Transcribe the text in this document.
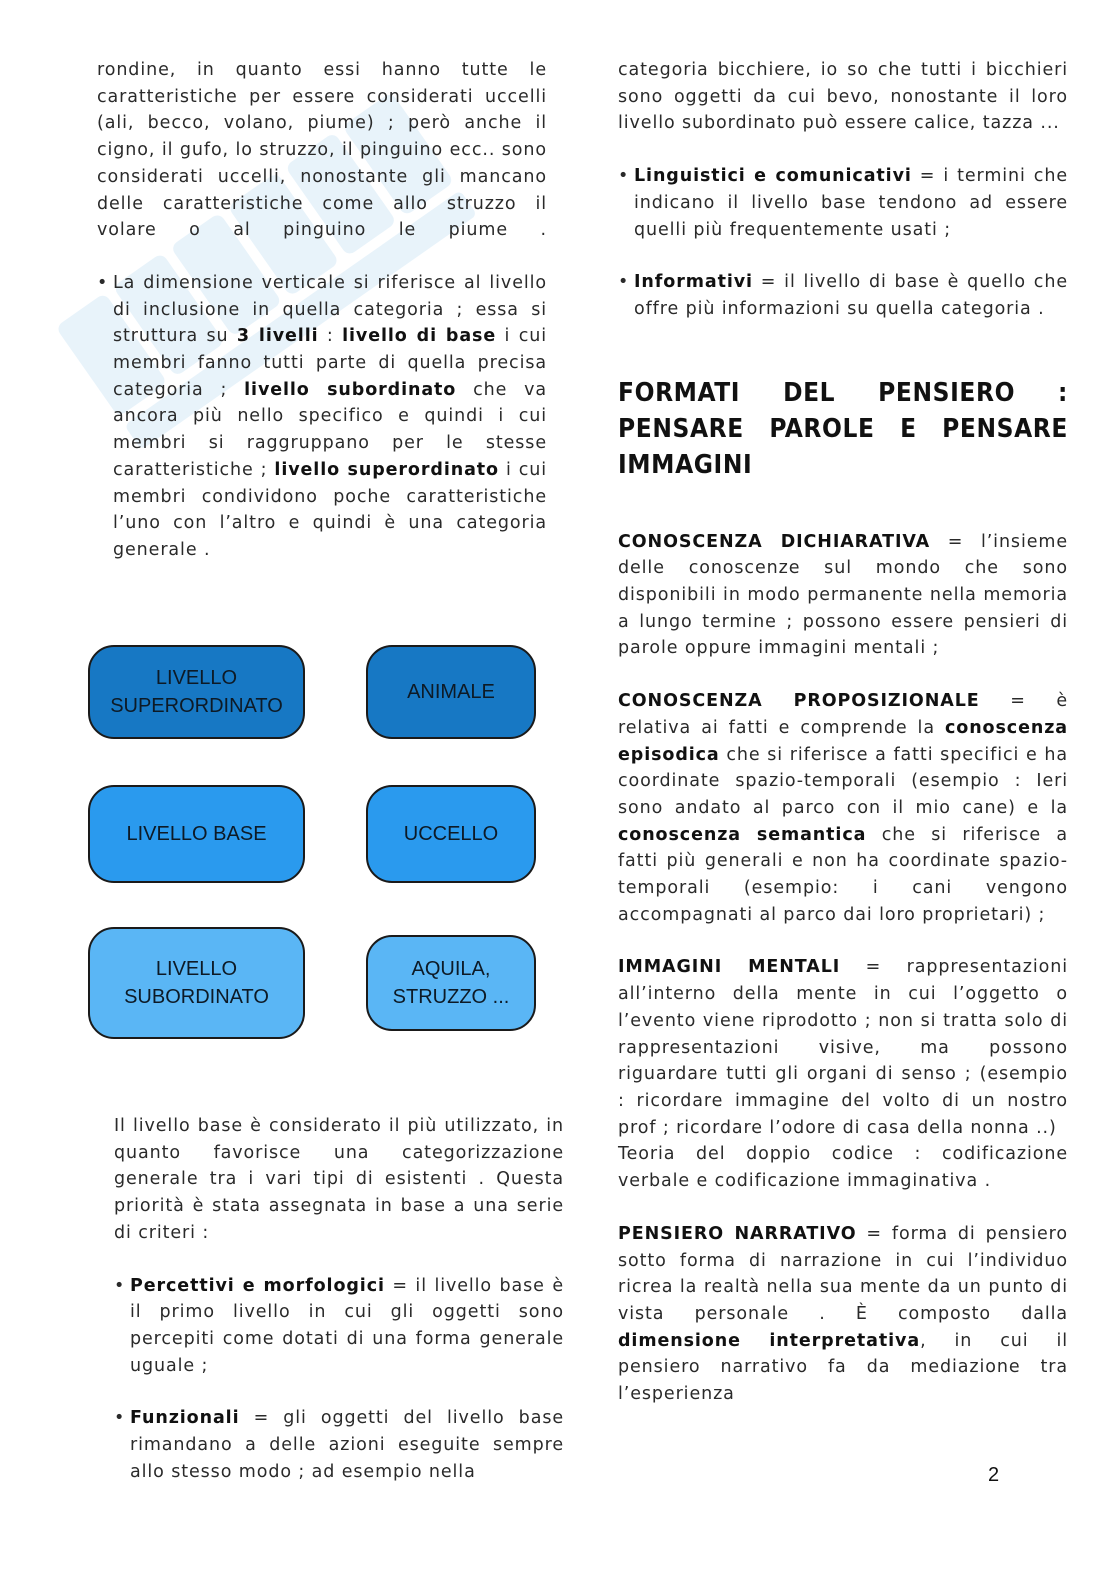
rondine, in quanto essi hanno tutte le caratteristiche per essere considerati uccelli (ali, becco, volano, piume) ; però anche il cigno, il gufo, lo struzzo, il pinguino ecc.. sono considerati uccelli, nonostante gli mancano delle caratteristiche come allo struzzo il volare o al pinguino le piume .

• La dimensione verticale si riferisce al livello di inclusione in quella categoria ; essa si struttura su 3 livelli : livello di base i cui membri fanno tutti parte di quella precisa categoria ; livello subordinato che va ancora più nello specifico e quindi i cui membri si raggruppano per le stesse caratteristiche ; livello superordinato i cui membri condividono poche caratteristiche l’uno con l’altro e quindi è una categoria generale .

LIVELLO
SUPERORDINATO
ANIMALE
LIVELLO BASE	UCCELLO
LIVELLO
SUBORDINATO
AQUILA,
STRUZZO ...

Il livello base è considerato il più utilizzato, in quanto favorisce una categorizzazione generale tra i vari tipi di esistenti . Questa priorità è stata assegnata in base a una serie di criteri :

• Percettivi e morfologici = il livello base è il primo livello in cui gli oggetti sono percepiti come dotati di una forma generale uguale ;

• Funzionali = gli oggetti del livello base rimandano a delle azioni eseguite sempre allo stesso modo ; ad esempio nella

categoria bicchiere, io so che tutti i bicchieri sono oggetti da cui bevo, nonostante il loro livello subordinato può essere calice, tazza ...

• Linguistici e comunicativi = i termini che indicano il livello base tendono ad essere quelli più frequentemente usati ;

• Informativi = il livello di base è quello che offre più informazioni su quella categoria .

FORMATI DEL PENSIERO : PENSARE PAROLE E PENSARE IMMAGINI

CONOSCENZA DICHIARATIVA = l’insieme delle conoscenze sul mondo che sono disponibili in modo permanente nella memoria a lungo termine ; possono essere pensieri di parole oppure immagini mentali ;

CONOSCENZA PROPOSIZIONALE = è relativa ai fatti e comprende la conoscenza episodica che si riferisce a fatti specifici e ha coordinate spazio-temporali (esempio : Ieri sono andato al parco con il mio cane) e la conoscenza semantica che si riferisce a fatti più generali e non ha coordinate spazio-temporali (esempio: i cani vengono accompagnati al parco dai loro proprietari) ;

IMMAGINI MENTALI = rappresentazioni all’interno della mente in cui l’oggetto o l’evento viene riprodotto ; non si tratta solo di rappresentazioni visive, ma possono riguardare tutti gli organi di senso ; (esempio : ricordare immagine del volto di un nostro prof ; ricordare l’odore di casa della nonna ..)

Teoria del doppio codice : codificazione verbale e codificazione immaginativa .

PENSIERO NARRATIVO = forma di pensiero sotto forma di narrazione in cui l’individuo ricrea la realtà nella sua mente da un punto di vista personale . È composto dalla dimensione interpretativa, in cui il pensiero narrativo fa da mediazione tra l’esperienza

2
